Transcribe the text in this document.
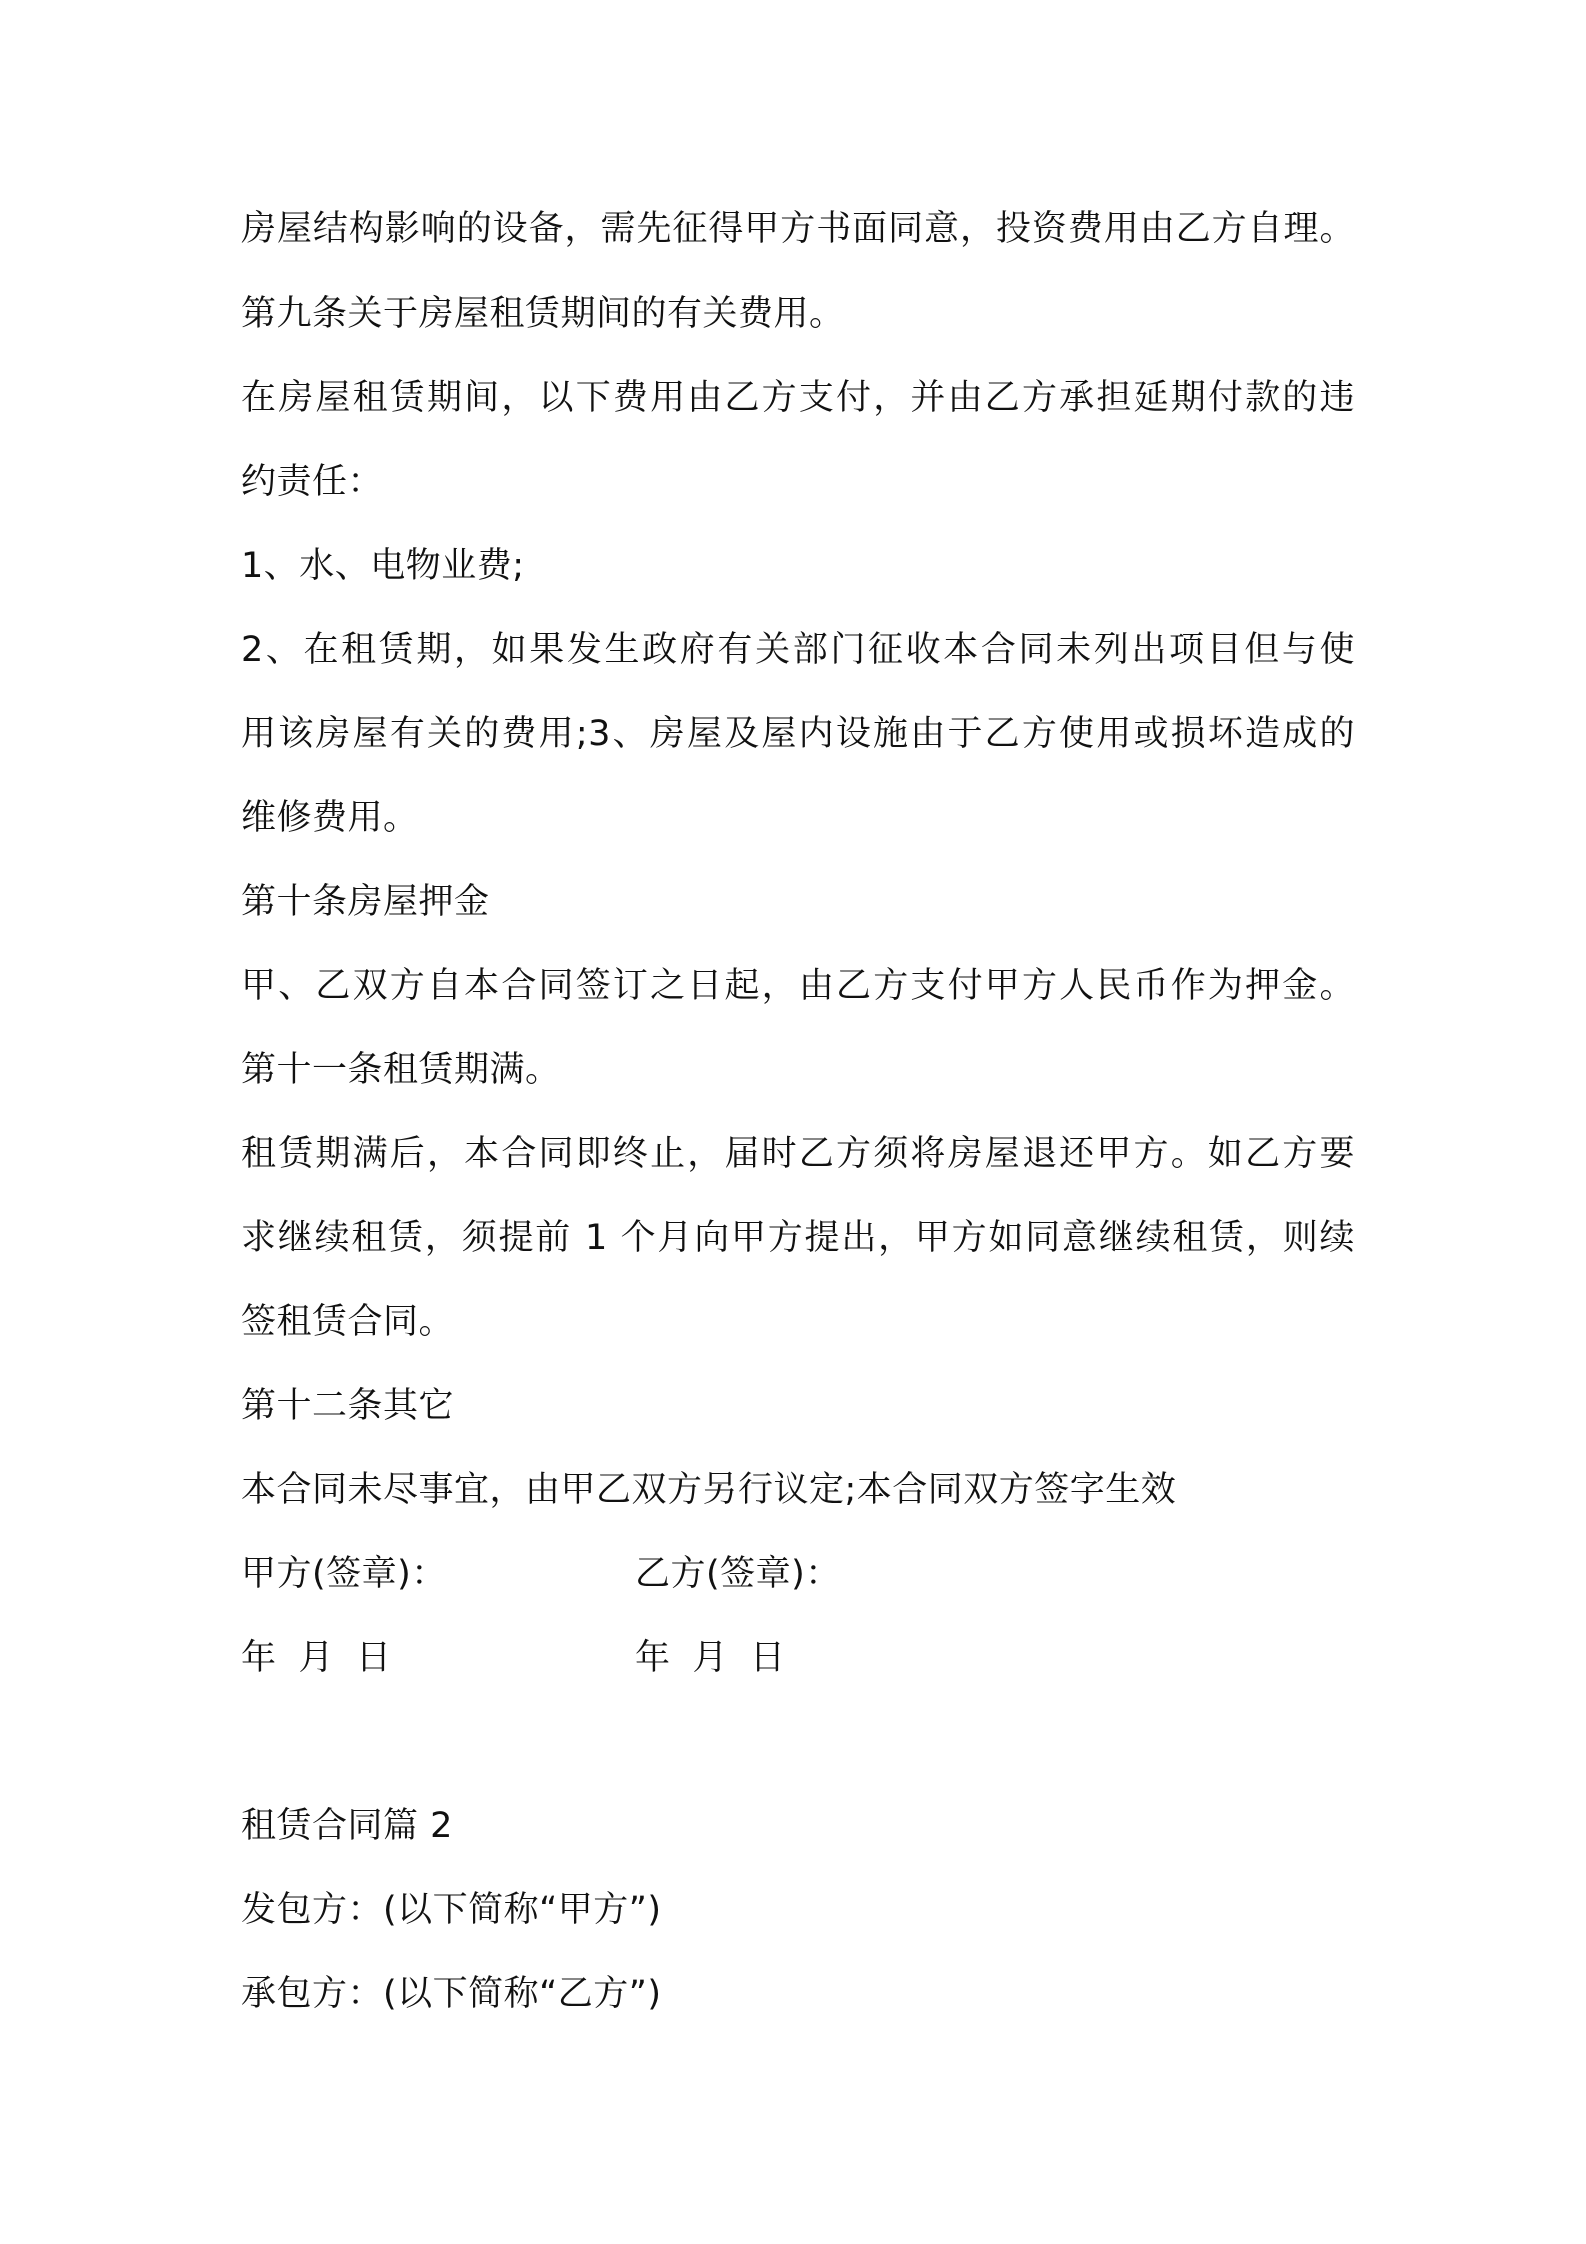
房屋结构影响的设备，需先征得甲方书面同意，投资费用由乙方自理。
第九条关于房屋租赁期间的有关费用。
在房屋租赁期间，以下费用由乙方支付，并由乙方承担延期付款的违
约责任：
1、水、电物业费;
2、在租赁期，如果发生政府有关部门征收本合同未列出项目但与使
用该房屋有关的费用;3、房屋及屋内设施由于乙方使用或损坏造成的
维修费用。
第十条房屋押金
甲、乙双方自本合同签订之日起，由乙方支付甲方人民币作为押金。
第十一条租赁期满。
租赁期满后，本合同即终止，届时乙方须将房屋退还甲方。如乙方要
求继续租赁，须提前 1 个月向甲方提出，甲方如同意继续租赁，则续
签租赁合同。
第十二条其它
本合同未尽事宜，由甲乙双方另行议定;本合同双方签字生效
甲方(签章)：	乙方(签章)：
年 月 日	年 月 日
租赁合同篇 2
发包方：(以下简称“甲方”)
承包方：(以下简称“乙方”)
